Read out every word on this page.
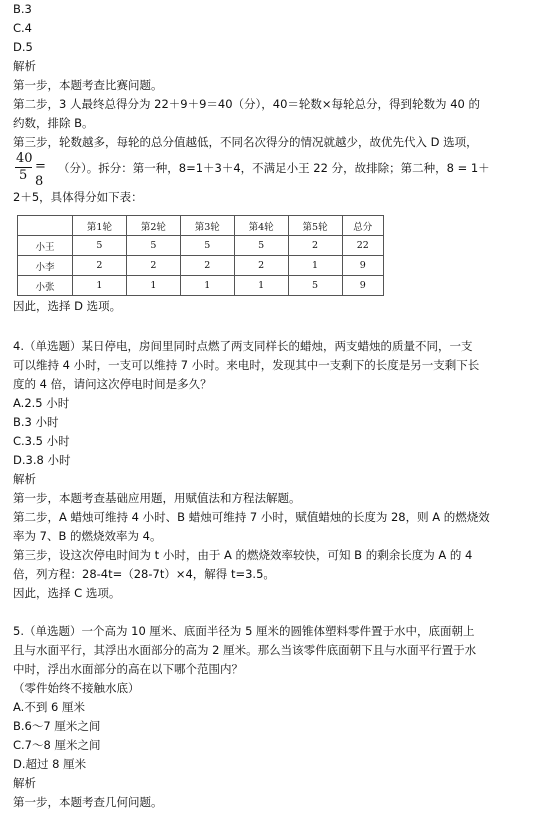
B.3
C.4
D.5
解析
第一步，本题考查比赛问题。
第二步，3 人最终总得分为 22＋9＋9＝40（分），40＝轮数×每轮总分，得到轮数为 40 的
约数，排除 B。
第三步，轮数越多，每轮的总分值越低，不同名次得分的情况就越少，故优先代入 D 选项，
40
5
= 8
（分）。拆分：第一种，8=1＋3＋4，不满足小王 22 分，故排除；第二种，8 = 1＋
2＋5，具体得分如下表：
	第1轮	第2轮	第3轮	第4轮	第5轮	总分
小王	5	5	5	5	2	22
小李	2	2	2	2	1	9
小张	1	1	1	1	5	9
因此，选择 D 选项。
4.（单选题）某日停电，房间里同时点燃了两支同样长的蜡烛，两支蜡烛的质量不同，一支
可以维持 4 小时，一支可以维持 7 小时。来电时，发现其中一支剩下的长度是另一支剩下长
度的 4 倍，请问这次停电时间是多久？
A.2.5 小时
B.3 小时
C.3.5 小时
D.3.8 小时
解析
第一步，本题考查基础应用题，用赋值法和方程法解题。
第二步，A 蜡烛可维持 4 小时、B 蜡烛可维持 7 小时，赋值蜡烛的长度为 28，则 A 的燃烧效
率为 7、B 的燃烧效率为 4。
第三步，设这次停电时间为 t 小时，由于 A 的燃烧效率较快，可知 B 的剩余长度为 A 的 4
倍，列方程：28-4t=（28-7t）×4，解得 t=3.5。
因此，选择 C 选项。
5.（单选题）一个高为 10 厘米、底面半径为 5 厘米的圆锥体塑料零件置于水中，底面朝上
且与水面平行，其浮出水面部分的高为 2 厘米。那么当该零件底面朝下且与水面平行置于水
中时，浮出水面部分的高在以下哪个范围内？
（零件始终不接触水底）
A.不到 6 厘米
B.6～7 厘米之间
C.7～8 厘米之间
D.超过 8 厘米
解析
第一步，本题考查几何问题。
